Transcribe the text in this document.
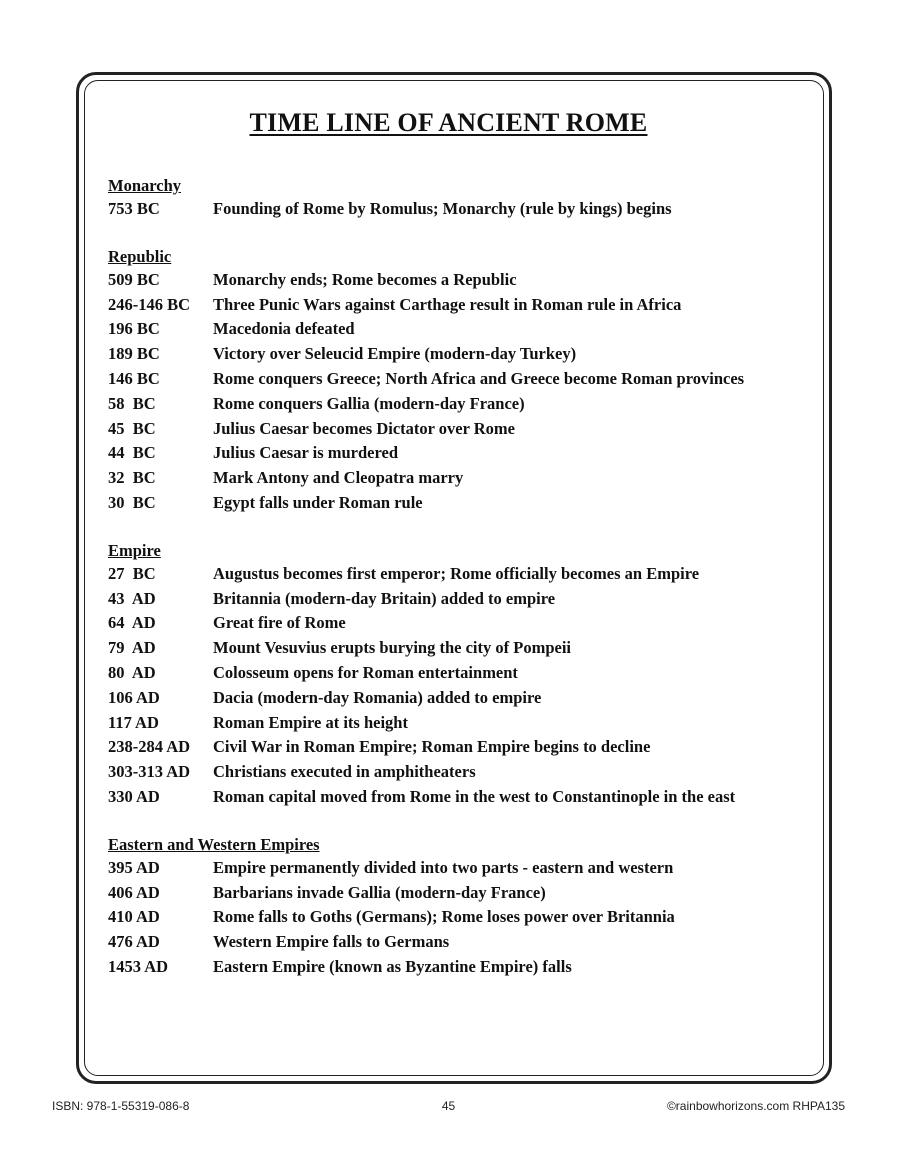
TIME LINE OF ANCIENT ROME
Monarchy
753 BC	Founding of Rome by Romulus; Monarchy (rule by kings) begins
Republic
509 BC	Monarchy ends; Rome becomes a Republic
246-146 BC	Three Punic Wars against Carthage result in Roman rule in Africa
196 BC	Macedonia defeated
189 BC	Victory over Seleucid Empire (modern-day Turkey)
146 BC	Rome conquers Greece; North Africa and Greece become Roman provinces
58  BC	Rome conquers Gallia (modern-day France)
45  BC	Julius Caesar becomes Dictator over Rome
44  BC	Julius Caesar is murdered
32  BC	Mark Antony and Cleopatra marry
30  BC	Egypt falls under Roman rule
Empire
27  BC	Augustus becomes first emperor; Rome officially becomes an Empire
43  AD	Britannia (modern-day Britain) added to empire
64  AD	Great fire of Rome
79  AD	Mount Vesuvius erupts burying the city of Pompeii
80  AD	Colosseum opens for Roman entertainment
106 AD	Dacia (modern-day Romania) added to empire
117 AD	Roman Empire at its height
238-284 AD	Civil War in Roman Empire; Roman Empire begins to decline
303-313 AD	Christians executed in amphitheaters
330 AD	Roman capital moved from Rome in the west to Constantinople in the east
Eastern and Western Empires
395 AD	Empire permanently divided into two parts - eastern and western
406 AD	Barbarians invade Gallia (modern-day France)
410 AD	Rome falls to Goths (Germans); Rome loses power over Britannia
476 AD	Western Empire falls to Germans
1453 AD	Eastern Empire (known as Byzantine Empire) falls
ISBN: 978-1-55319-086-8	45	©rainbowhorizons.com RHPA135
